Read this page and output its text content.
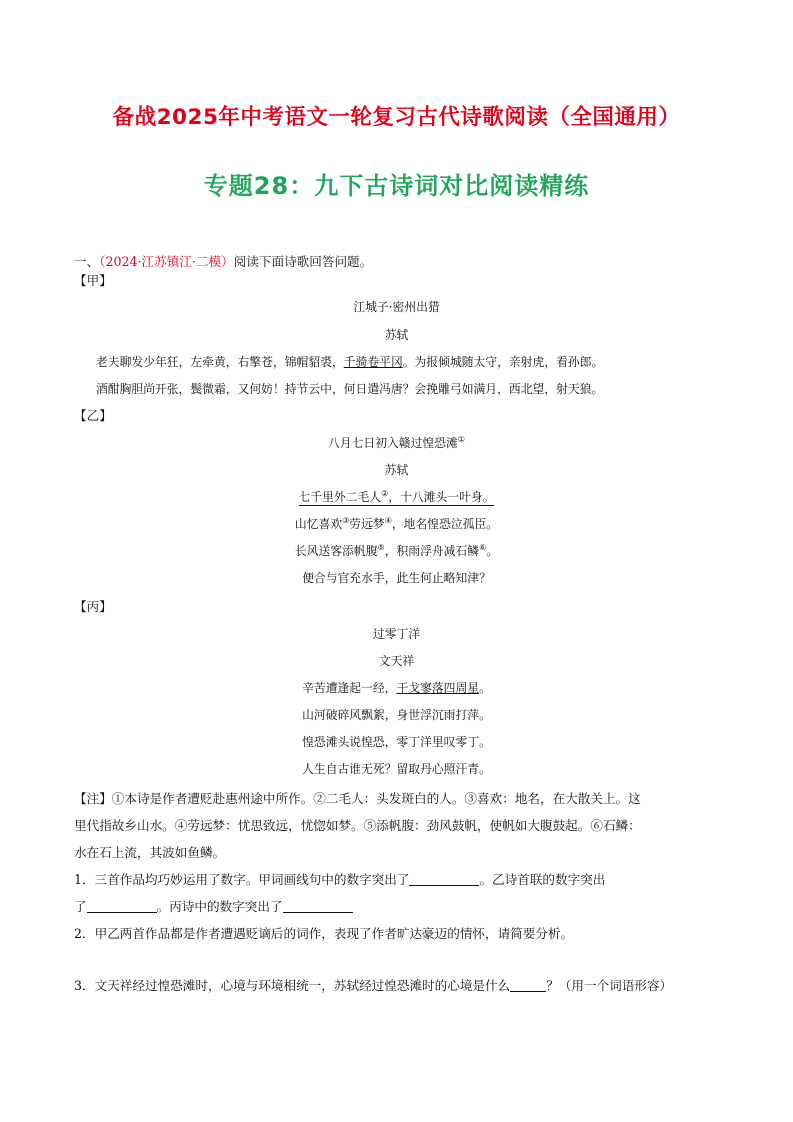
备战2025年中考语文一轮复习古代诗歌阅读（全国通用）
专题28：九下古诗词对比阅读精练
一、（2024·江苏镇江·二模）阅读下面诗歌回答问题。
【甲】
江城子·密州出猎
苏轼
老夫聊发少年狂，左牵黄，右擎苍，锦帽貂裘，千骑卷平冈。为报倾城随太守，亲射虎，看孙郎。
酒酣胸胆尚开张，鬓微霜，又何妨！持节云中，何日遣冯唐？会挽雕弓如满月，西北望，射天狼。
【乙】
八月七日初入赣过惶恐滩①
苏轼
七千里外二毛人②，十八滩头一叶身。
山忆喜欢③劳远梦④，地名惶恐泣孤臣。
长风送客添帆腹⑤，积雨浮舟减石鳞⑥。
便合与官充水手，此生何止略知津？
【丙】
过零丁洋
文天祥
辛苦遭逢起一经，干戈寥落四周星。
山河破碎风飘絮，身世浮沉雨打萍。
惶恐滩头说惶恐，零丁洋里叹零丁。
人生自古谁无死？留取丹心照汗青。
【注】①本诗是作者遭贬赴惠州途中所作。②二毛人：头发斑白的人。③喜欢：地名，在大散关上。这
里代指故乡山水。④劳远梦：忧思致远，忧惚如梦。⑤添帆腹：劲风鼓帆，使帆如大腹鼓起。⑥石鳞：
水在石上流，其波如鱼鳞。
1．三首作品均巧妙运用了数字。甲词画线句中的数字突出了	。乙诗首联的数字突出
了	。丙诗中的数字突出了
2．甲乙两首作品都是作者遭遇贬谪后的词作，表现了作者旷达豪迈的情怀，请简要分析。
3．文天祥经过惶恐滩时，心境与环境相统一，苏轼经过惶恐滩时的心境是什么	？（用一个词语形容）
